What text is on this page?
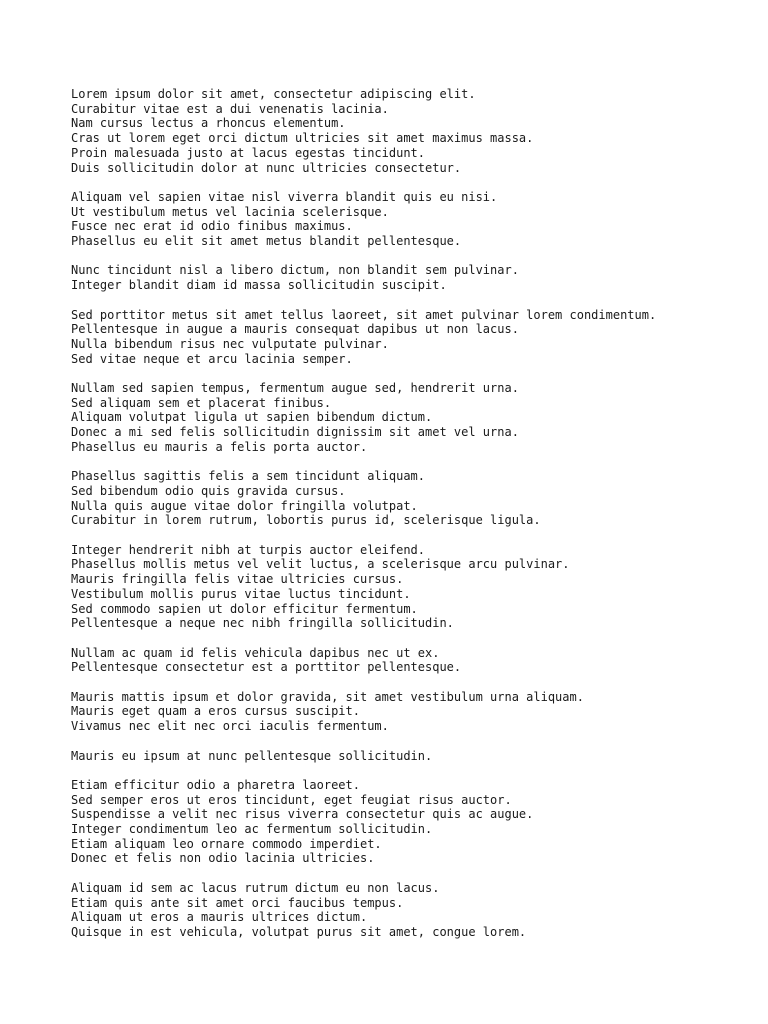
Lorem ipsum dolor sit amet, consectetur adipiscing elit.
Curabitur vitae est a dui venenatis lacinia.
Nam cursus lectus a rhoncus elementum.
Cras ut lorem eget orci dictum ultricies sit amet maximus massa.
Proin malesuada justo at lacus egestas tincidunt.
Duis sollicitudin dolor at nunc ultricies consectetur.
Aliquam vel sapien vitae nisl viverra blandit quis eu nisi.
Ut vestibulum metus vel lacinia scelerisque.
Fusce nec erat id odio finibus maximus.
Phasellus eu elit sit amet metus blandit pellentesque.
Nunc tincidunt nisl a libero dictum, non blandit sem pulvinar.
Integer blandit diam id massa sollicitudin suscipit.
Sed porttitor metus sit amet tellus laoreet, sit amet pulvinar lorem condimentum.
Pellentesque in augue a mauris consequat dapibus ut non lacus.
Nulla bibendum risus nec vulputate pulvinar.
Sed vitae neque et arcu lacinia semper.
Nullam sed sapien tempus, fermentum augue sed, hendrerit urna.
Sed aliquam sem et placerat finibus.
Aliquam volutpat ligula ut sapien bibendum dictum.
Donec a mi sed felis sollicitudin dignissim sit amet vel urna.
Phasellus eu mauris a felis porta auctor.
Phasellus sagittis felis a sem tincidunt aliquam.
Sed bibendum odio quis gravida cursus.
Nulla quis augue vitae dolor fringilla volutpat.
Curabitur in lorem rutrum, lobortis purus id, scelerisque ligula.
Integer hendrerit nibh at turpis auctor eleifend.
Phasellus mollis metus vel velit luctus, a scelerisque arcu pulvinar.
Mauris fringilla felis vitae ultricies cursus.
Vestibulum mollis purus vitae luctus tincidunt.
Sed commodo sapien ut dolor efficitur fermentum.
Pellentesque a neque nec nibh fringilla sollicitudin.
Nullam ac quam id felis vehicula dapibus nec ut ex.
Pellentesque consectetur est a porttitor pellentesque.
Mauris mattis ipsum et dolor gravida, sit amet vestibulum urna aliquam.
Mauris eget quam a eros cursus suscipit.
Vivamus nec elit nec orci iaculis fermentum.
Mauris eu ipsum at nunc pellentesque sollicitudin.
Etiam efficitur odio a pharetra laoreet.
Sed semper eros ut eros tincidunt, eget feugiat risus auctor.
Suspendisse a velit nec risus viverra consectetur quis ac augue.
Integer condimentum leo ac fermentum sollicitudin.
Etiam aliquam leo ornare commodo imperdiet.
Donec et felis non odio lacinia ultricies.
Aliquam id sem ac lacus rutrum dictum eu non lacus.
Etiam quis ante sit amet orci faucibus tempus.
Aliquam ut eros a mauris ultrices dictum.
Quisque in est vehicula, volutpat purus sit amet, congue lorem.
